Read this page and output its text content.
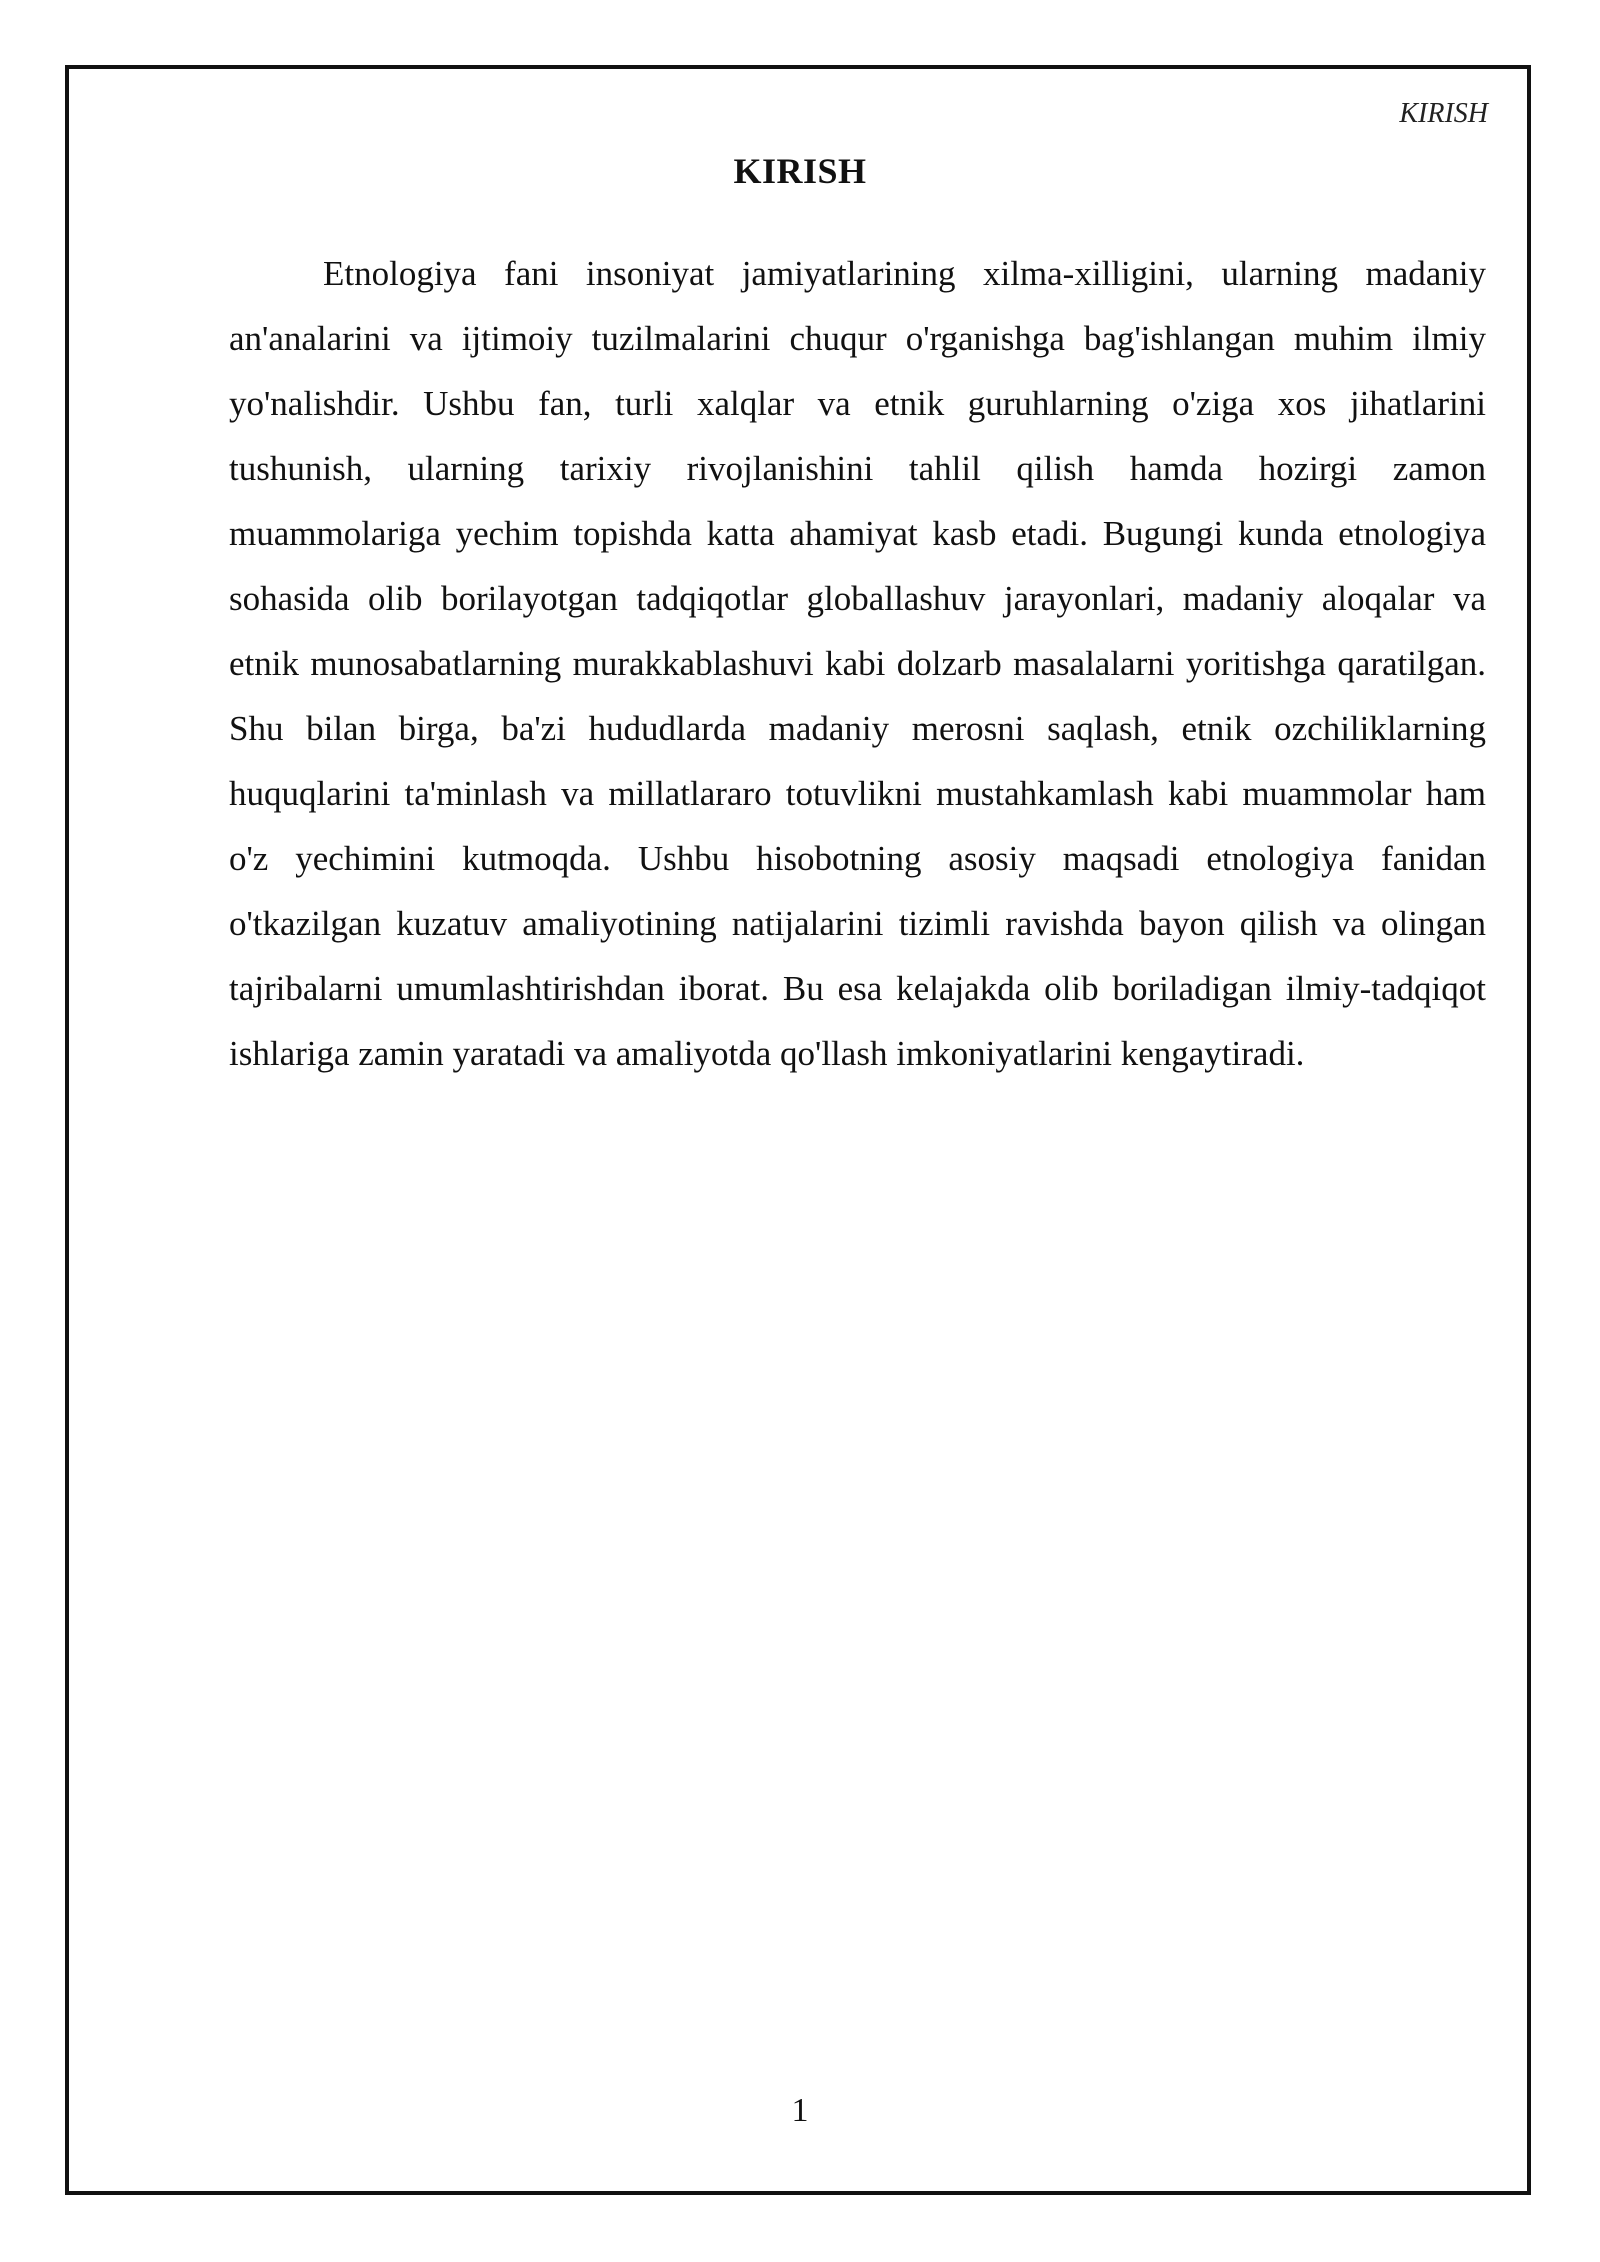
KIRISH
KIRISH

Etnologiya fani insoniyat jamiyatlarining xilma-xilligini, ularning madaniy an'analarini va ijtimoiy tuzilmalarini chuqur o'rganishga bag'ishlangan muhim ilmiy yo'nalishdir. Ushbu fan, turli xalqlar va etnik guruhlarning o'ziga xos jihatlarini tushunish, ularning tarixiy rivojlanishini tahlil qilish hamda hozirgi zamon muammolariga yechim topishda katta ahamiyat kasb etadi. Bugungi kunda etnologiya sohasida olib borilayotgan tadqiqotlar globallashuv jarayonlari, madaniy aloqalar va etnik munosabatlarning murakkablashuvi kabi dolzarb masalalarni yoritishga qaratilgan. Shu bilan birga, ba'zi hududlarda madaniy merosni saqlash, etnik ozchiliklarning huquqlarini ta'minlash va millatlararo totuvlikni mustahkamlash kabi muammolar ham o'z yechimini kutmoqda. Ushbu hisobotning asosiy maqsadi etnologiya fanidan o'tkazilgan kuzatuv amaliyotining natijalarini tizimli ravishda bayon qilish va olingan tajribalarni umumlashtirishdan iborat. Bu esa kelajakda olib boriladigan ilmiy-tadqiqot ishlariga zamin yaratadi va amaliyotda qo'llash imkoniyatlarini kengaytiradi.

1
